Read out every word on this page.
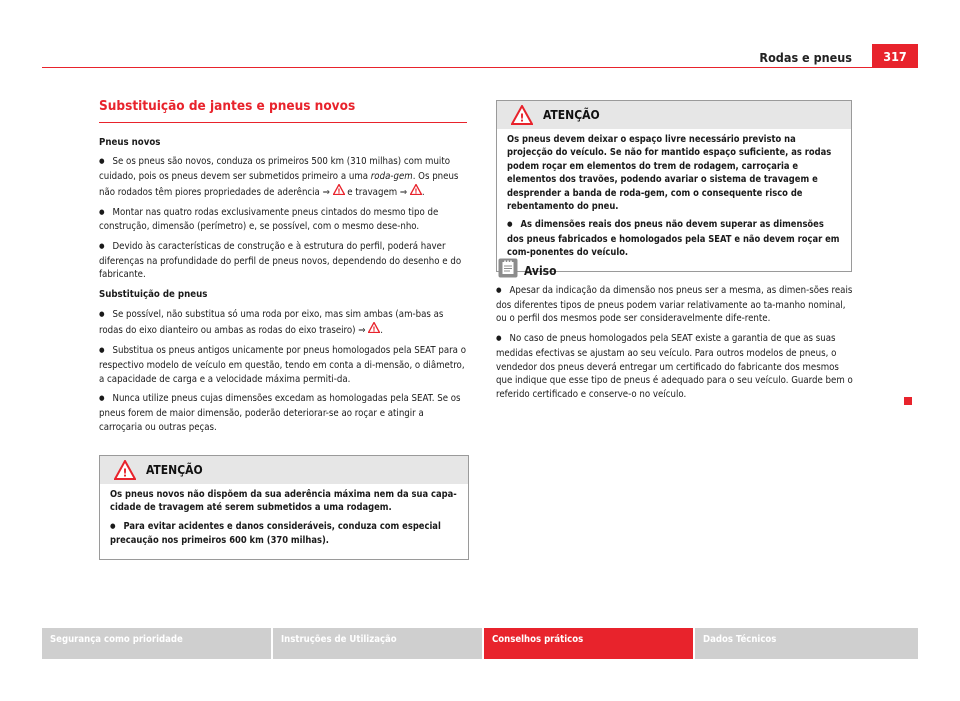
Rodas e pneus	317
Substituição de jantes e pneus novos

Pneus novos

● Se os pneus são novos, conduza os primeiros 500 km (310 milhas) com muito cuidado, pois os pneus devem ser submetidos primeiro a uma roda-gem. Os pneus não rodados têm piores propriedades de aderência ⇒ ! e travagem ⇒ ! .

● Montar nas quatro rodas exclusivamente pneus cintados do mesmo tipo de construção, dimensão (perímetro) e, se possível, com o mesmo dese-nho.

● Devido às características de construção e à estrutura do perfil, poderá haver diferenças na profundidade do perfil de pneus novos, dependendo do desenho e do fabricante.

Substituição de pneus

● Se possível, não substitua só uma roda por eixo, mas sim ambas (am-bas as rodas do eixo dianteiro ou ambas as rodas do eixo traseiro) ⇒ ! .

● Substitua os pneus antigos unicamente por pneus homologados pela SEAT para o respectivo modelo de veículo em questão, tendo em conta a di-mensão, o diâmetro, a capacidade de carga e a velocidade máxima permiti-da.

● Nunca utilize pneus cujas dimensões excedam as homologadas pela SEAT. Se os pneus forem de maior dimensão, poderão deteriorar-se ao roçar e atingir a carroçaria ou outras peças.

! ATENÇÃO

Os pneus novos não dispõem da sua aderência máxima nem da sua capa-cidade de travagem até serem submetidos a uma rodagem.

● Para evitar acidentes e danos consideráveis, conduza com especial precaução nos primeiros 600 km (370 milhas).

! ATENÇÃO

Os pneus devem deixar o espaço livre necessário previsto na projecção do veículo. Se não for mantido espaço suficiente, as rodas podem roçar em elementos do trem de rodagem, carroçaria e elementos dos travões, podendo avariar o sistema de travagem e desprender a banda de roda-gem, com o consequente risco de rebentamento do pneu.

● As dimensões reais dos pneus não devem superar as dimensões dos pneus fabricados e homologados pela SEAT e não devem roçar em com-ponentes do veículo.

Aviso

● Apesar da indicação da dimensão nos pneus ser a mesma, as dimen-sões reais dos diferentes tipos de pneus podem variar relativamente ao ta-manho nominal, ou o perfil dos mesmos pode ser consideravelmente dife-rente.

● No caso de pneus homologados pela SEAT existe a garantia de que as suas medidas efectivas se ajustam ao seu veículo. Para outros modelos de pneus, o vendedor dos pneus deverá entregar um certificado do fabricante dos mesmos que indique que esse tipo de pneus é adequado para o seu veículo. Guarde bem o referido certificado e conserve-o no veículo.

Segurança como prioridade	Instruções de Utilização	Conselhos práticos	Dados Técnicos
